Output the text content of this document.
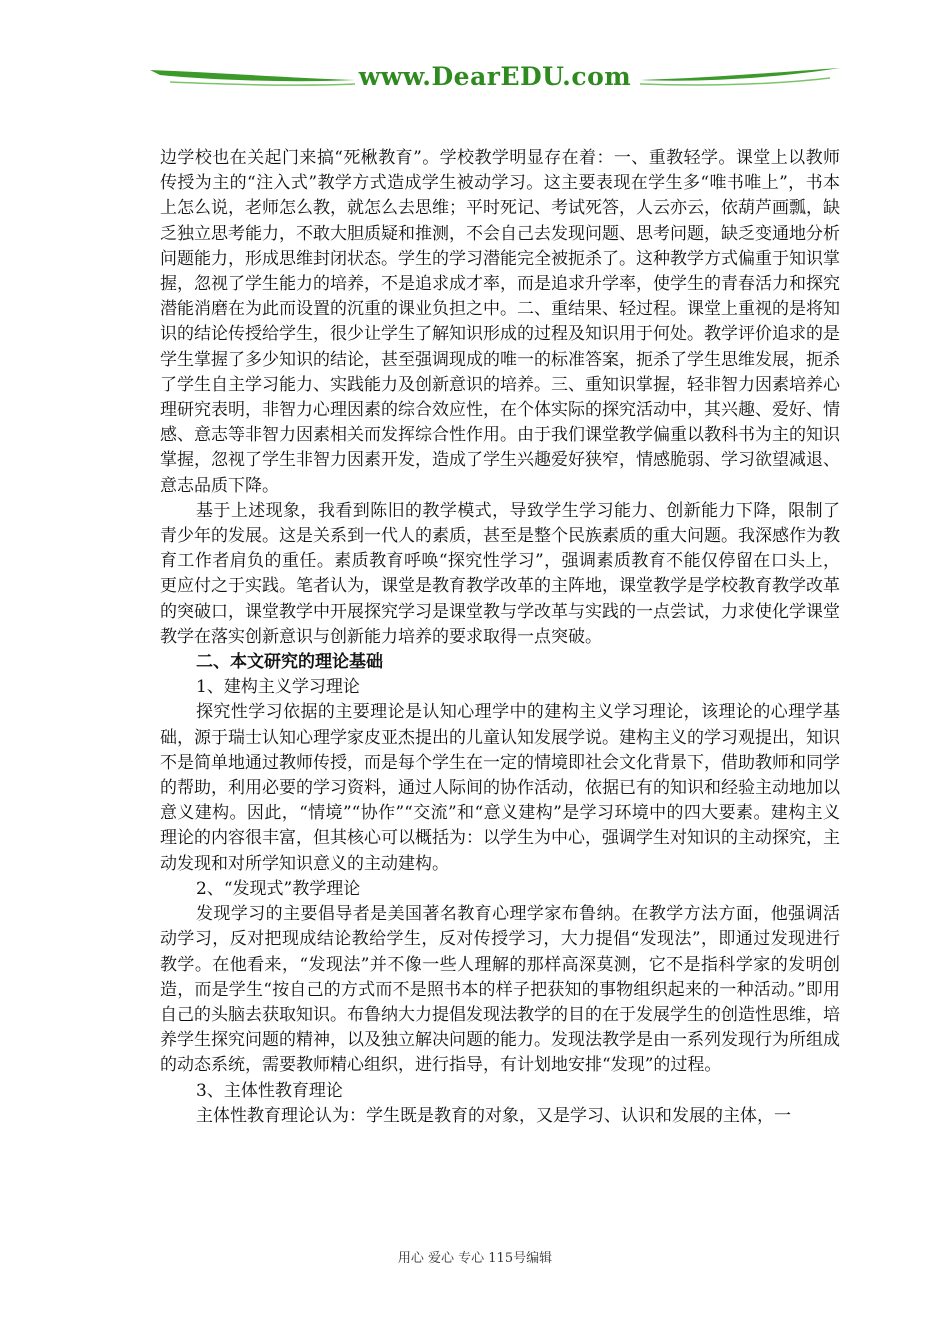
www.DearEDU.com

边学校也在关起门来搞“死楸教育”。学校教学明显存在着：一、重教轻学。课堂上以教师传授为主的“注入式”教学方式造成学生被动学习。这主要表现在学生多“唯书唯上”，书本上怎么说，老师怎么教，就怎么去思维；平时死记、考试死答，人云亦云，依葫芦画瓢，缺乏独立思考能力，不敢大胆质疑和推测，不会自己去发现问题、思考问题，缺乏变通地分析问题能力，形成思维封闭状态。学生的学习潜能完全被扼杀了。这种教学方式偏重于知识掌握，忽视了学生能力的培养，不是追求成才率，而是追求升学率，使学生的青春活力和探究潜能消磨在为此而设置的沉重的课业负担之中。二、重结果、轻过程。课堂上重视的是将知识的结论传授给学生，很少让学生了解知识形成的过程及知识用于何处。教学评价追求的是学生掌握了多少知识的结论，甚至强调现成的唯一的标准答案，扼杀了学生思维发展，扼杀了学生自主学习能力、实践能力及创新意识的培养。三、重知识掌握，轻非智力因素培养心理研究表明，非智力心理因素的综合效应性，在个体实际的探究活动中，其兴趣、爱好、情感、意志等非智力因素相关而发挥综合性作用。由于我们课堂教学偏重以教科书为主的知识掌握，忽视了学生非智力因素开发，造成了学生兴趣爱好狭窄，情感脆弱、学习欲望减退、意志品质下降。

基于上述现象，我看到陈旧的教学模式，导致学生学习能力、创新能力下降，限制了青少年的发展。这是关系到一代人的素质，甚至是整个民族素质的重大问题。我深感作为教育工作者肩负的重任。素质教育呼唤“探究性学习”，强调素质教育不能仅停留在口头上，更应付之于实践。笔者认为，课堂是教育教学改革的主阵地，课堂教学是学校教育教学改革的突破口，课堂教学中开展探究学习是课堂教与学改革与实践的一点尝试，力求使化学课堂教学在落实创新意识与创新能力培养的要求取得一点突破。

二、本文研究的理论基础

1、建构主义学习理论

探究性学习依据的主要理论是认知心理学中的建构主义学习理论，该理论的心理学基础，源于瑞士认知心理学家皮亚杰提出的儿童认知发展学说。建构主义的学习观提出，知识不是简单地通过教师传授，而是每个学生在一定的情境即社会文化背景下，借助教师和同学的帮助，利用必要的学习资料，通过人际间的协作活动，依据已有的知识和经验主动地加以意义建构。因此，“情境”“协作”“交流”和“意义建构”是学习环境中的四大要素。建构主义理论的内容很丰富，但其核心可以概括为：以学生为中心，强调学生对知识的主动探究，主动发现和对所学知识意义的主动建构。

2、“发现式”教学理论

发现学习的主要倡导者是美国著名教育心理学家布鲁纳。在教学方法方面，他强调活动学习，反对把现成结论教给学生，反对传授学习，大力提倡“发现法”，即通过发现进行教学。在他看来，“发现法”并不像一些人理解的那样高深莫测，它不是指科学家的发明创造，而是学生“按自己的方式而不是照书本的样子把获知的事物组织起来的一种活动。”即用自己的头脑去获取知识。布鲁纳大力提倡发现法教学的目的在于发展学生的创造性思维，培养学生探究问题的精神，以及独立解决问题的能力。发现法教学是由一系列发现行为所组成的动态系统，需要教师精心组织，进行指导，有计划地安排“发现”的过程。

3、主体性教育理论

主体性教育理论认为：学生既是教育的对象，又是学习、认识和发展的主体，一

用心 爱心 专心 115号编辑
